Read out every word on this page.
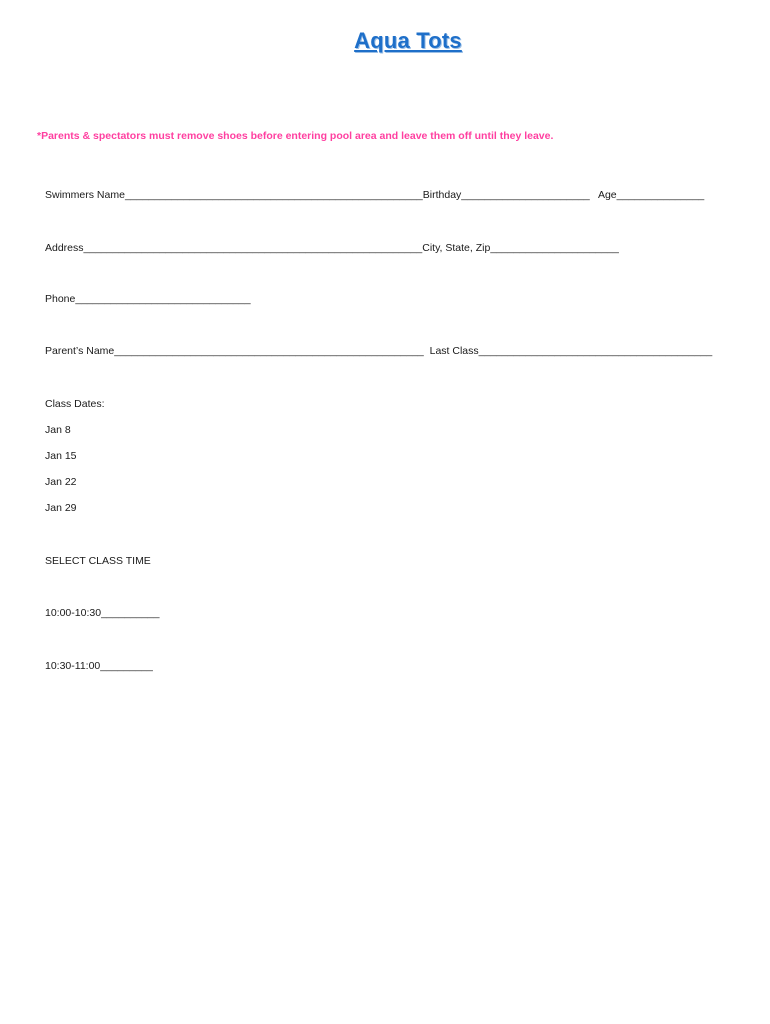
Aqua Tots
*Parents & spectators must remove shoes before entering pool area and leave them off until they leave.
Swimmers Name___________________________________________________Birthday______________________ Age_______________
Address__________________________________________________________City, State, Zip______________________
Phone______________________________
Parent’s Name_____________________________________________________ Last Class________________________________________
Class Dates:
Jan 8
Jan 15
Jan 22
Jan 29
SELECT CLASS TIME
10:00-10:30__________
10:30-11:00_________
